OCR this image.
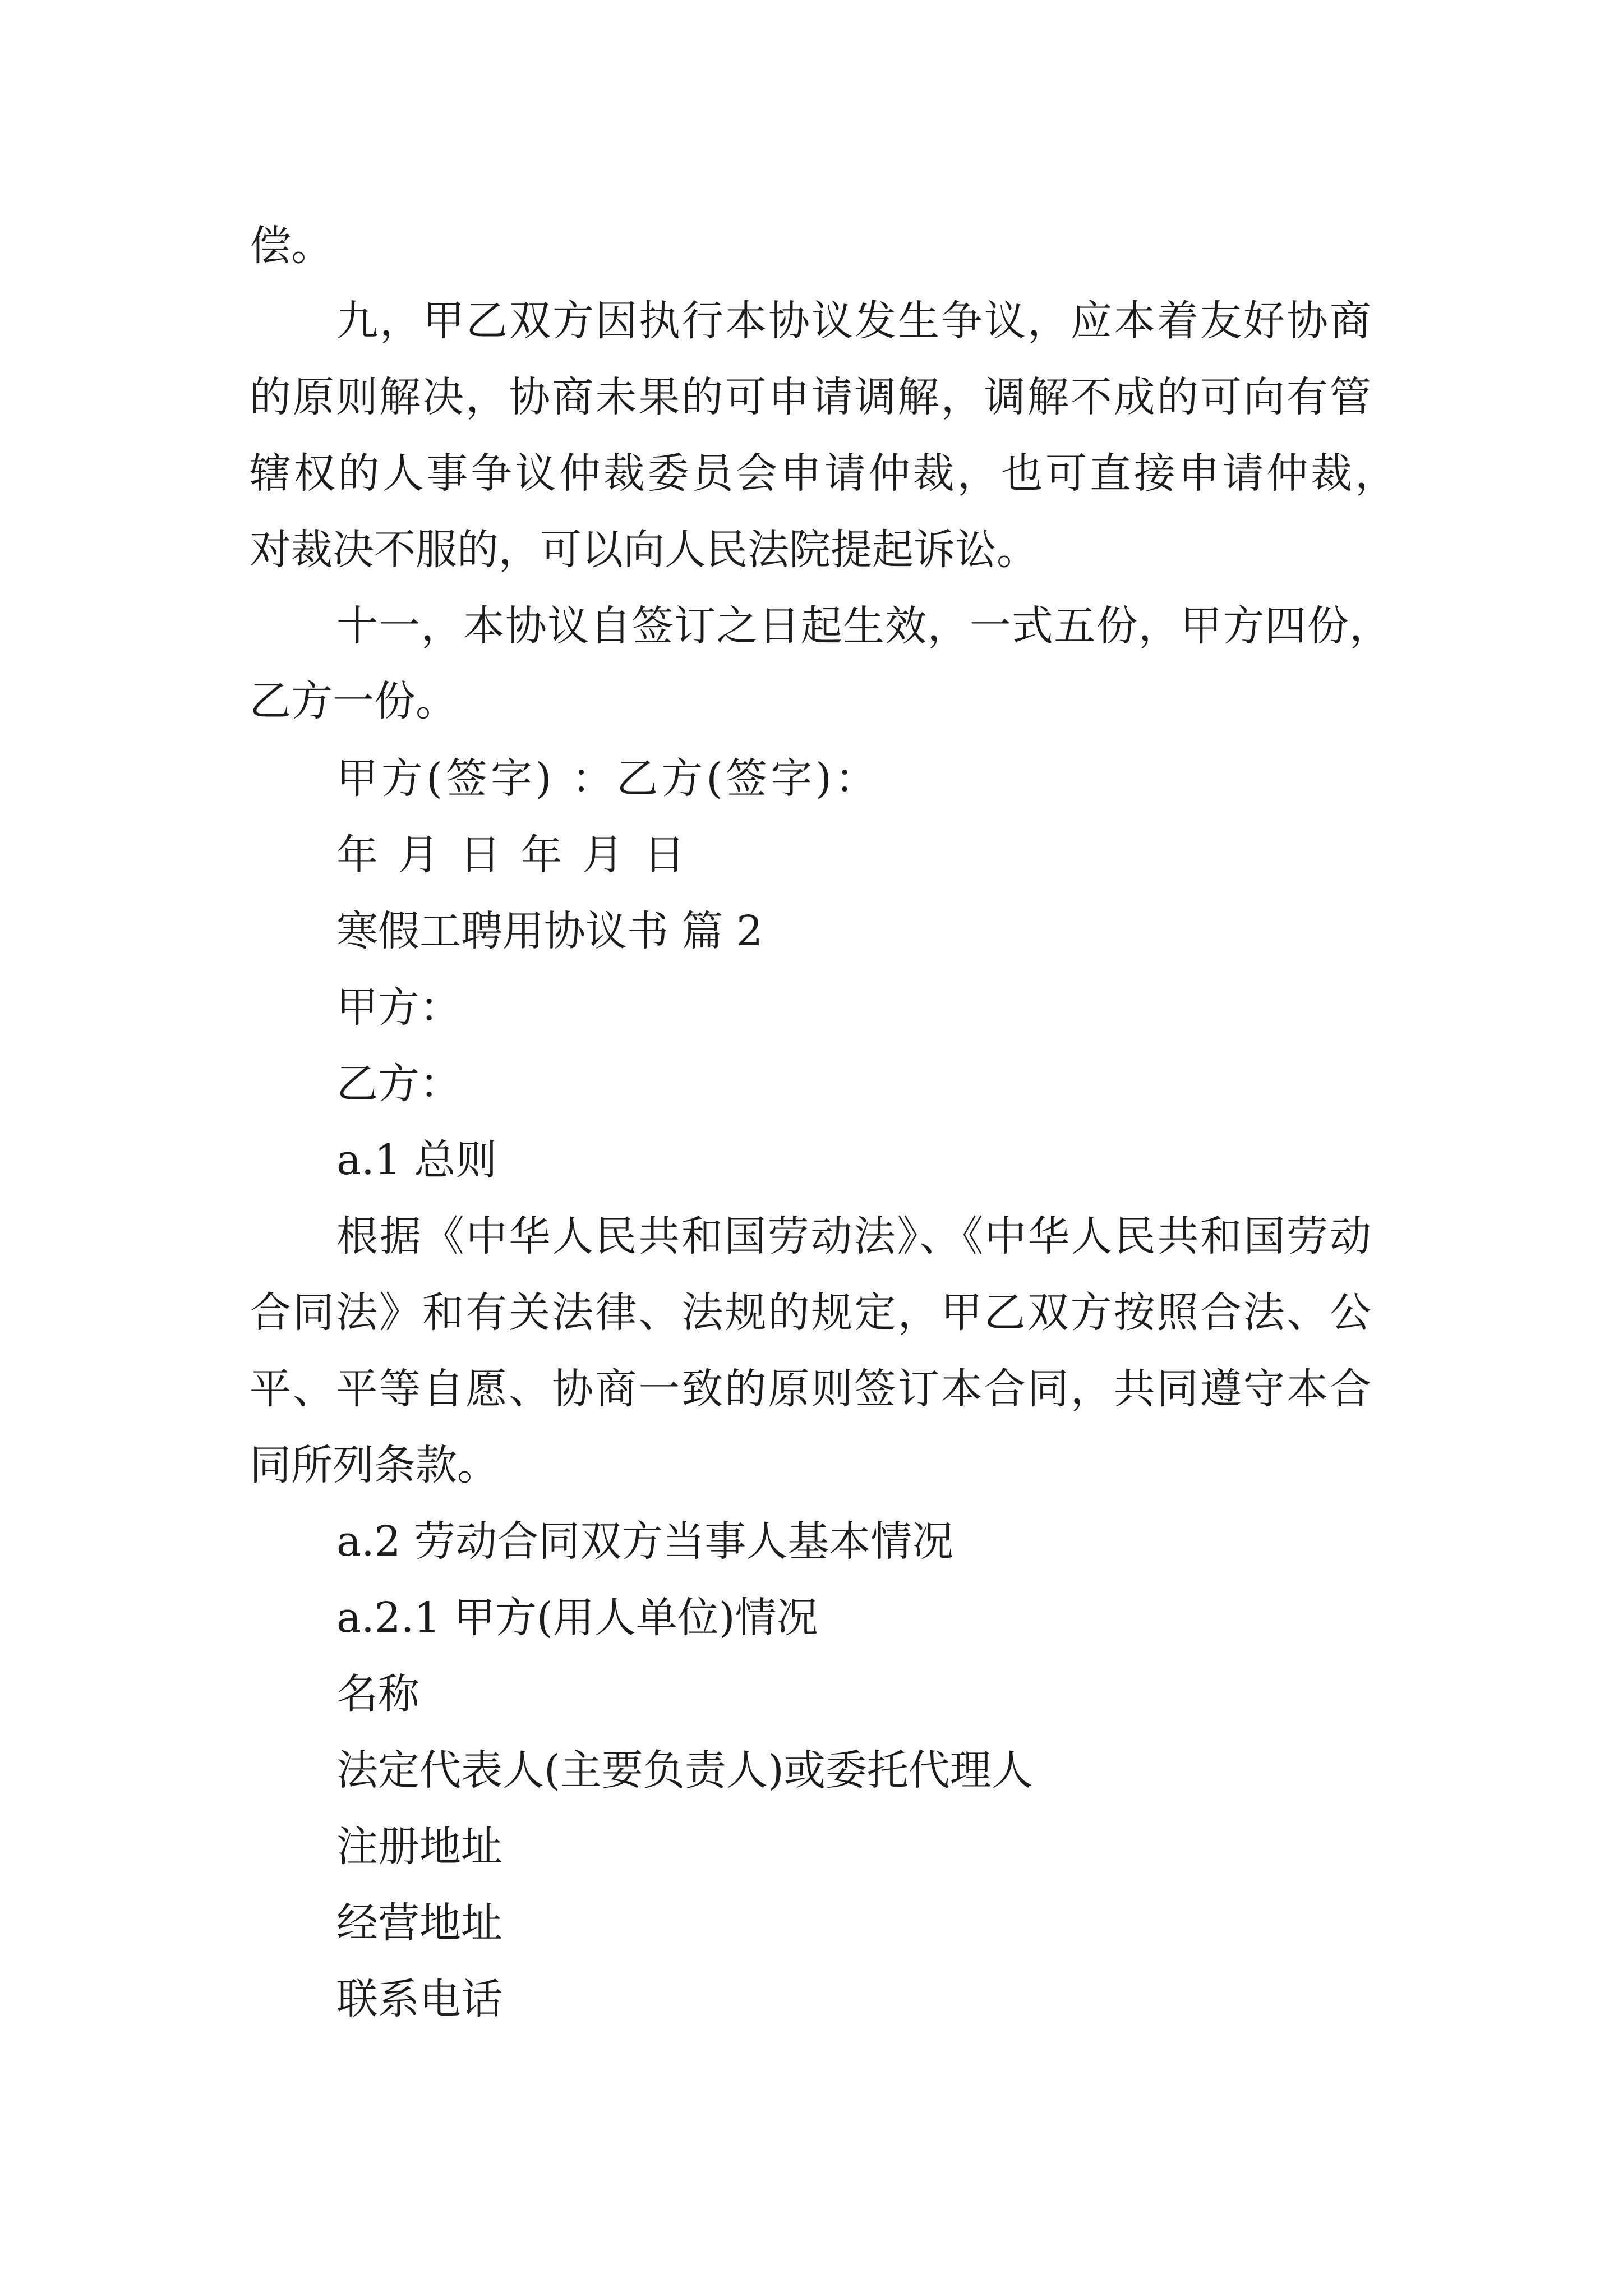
偿。

九，甲乙双方因执行本协议发生争议，应本着友好协商

的原则解决，协商未果的可申请调解，调解不成的可向有管

辖权的人事争议仲裁委员会申请仲裁，也可直接申请仲裁，

对裁决不服的，可以向人民法院提起诉讼。

十一，本协议自签订之日起生效，一式五份，甲方四份，

乙方一份。

甲方(签字) ：乙方(签字)：

年 月 日 年 月 日

寒假工聘用协议书 篇 2

甲方：

乙方：

a.1 总则

根据《中华人民共和国劳动法》、《中华人民共和国劳动

合同法》和有关法律、法规的规定，甲乙双方按照合法、公

平、平等自愿、协商一致的原则签订本合同，共同遵守本合

同所列条款。

a.2 劳动合同双方当事人基本情况

a.2.1 甲方(用人单位)情况

名称

法定代表人(主要负责人)或委托代理人

注册地址

经营地址

联系电话
